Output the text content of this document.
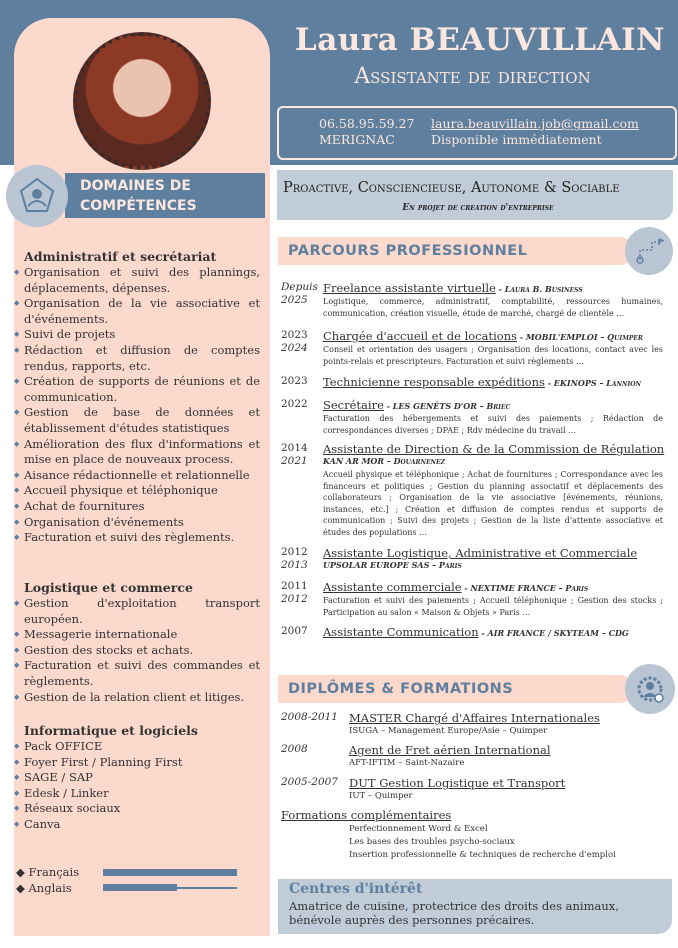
Laura BEAUVILLAIN
Assistante de direction
06.58.95.59.27
MERIGNAC
laura.beauvillain.job@gmail.com
Disponible immédiatement
DOMAINES DE
COMPÉTENCES
Administratif et secrétariat
◆ Organisation et suivi des plannings, déplacements, dépenses.
◆ Organisation de la vie associative et d'événements.
◆ Suivi de projets
◆ Rédaction et diffusion de comptes rendus, rapports, etc.
◆ Création de supports de réunions et de communication.
◆ Gestion de base de données et établissement d'études statistiques
◆ Amélioration des flux d'informations et mise en place de nouveaux process.
◆ Aisance rédactionnelle et relationnelle
◆ Accueil physique et téléphonique
◆ Achat de fournitures
◆ Organisation d'événements
◆ Facturation et suivi des règlements.
Logistique et commerce
◆ Gestion d'exploitation transport européen.
◆ Messagerie internationale
◆ Gestion des stocks et achats.
◆ Facturation et suivi des commandes et règlements.
◆ Gestion de la relation client et litiges.
Informatique et logiciels
◆ Pack OFFICE
◆ Foyer First / Planning First
◆ SAGE / SAP
◆ Edesk / Linker
◆ Réseaux sociaux
◆ Canva
◆ Français
◆ Anglais
Proactive, Consciencieuse, Autonome & Sociable
En projet de creation d'entreprise
PARCOURS PROFESSIONNEL
Depuis
2025
Freelance assistante virtuelle - Laura B. Business
Logistique, commerce, administratif, comptabilité, ressources humaines, communication, création visuelle, étude de marché, chargé de clientèle …
2023
2024
Chargée d'accueil et de locations - MOBIL'EMPLOI – Quimper
Conseil et orientation des usagers ; Organisation des locations, contact avec les points-relais et prescripteurs. Facturation et suivi règlements …
2023 Technicienne responsable expéditions - EKINOPS – Lannion
2022 Secrétaire - LES GENÊTS D'OR – Briec
Facturation des hébergements et suivi des paiements ; Rédaction de correspondances diverses ; DPAE ; Rdv médecine du travail …
2014
2021
Assistante de Direction & de la Commission de Régulation
KAN AR MOR – Douarnenez
Accueil physique et téléphonique ; Achat de fournitures ; Correspondance avec les financeurs et politiques ; Gestion du planning associatif et déplacements des collaborateurs ; Organisation de la vie associative [événements, réunions, instances, etc.] ; Création et diffusion de comptes rendus et supports de communication ; Suivi des projets ; Gestion de la liste d'attente associative et études des populations …
2012
2013
Assistante Logistique, Administrative et Commerciale
UPSOLAR EUROPE SAS – Paris
2011
2012
Assistante commerciale - NEXTIME FRANCE – Paris
Facturation et suivi des paiements ; Accueil téléphonique ; Gestion des stocks ; Participation au salon « Maison & Objets » Paris …
2007 Assistante Communication - AIR FRANCE / SKYTEAM – CDG
DIPLÔMES & FORMATIONS
2008-2011 MASTER Chargé d'Affaires Internationales
ISUGA – Management Europe/Asie – Quimper
2008	Agent de Fret aérien International
AFT-IFTIM – Saint-Nazaire
2005-2007 DUT Gestion Logistique et Transport
IUT – Quimper
Formations complémentaires
Perfectionnement Word & Excel
Les bases des troubles psycho-sociaux
Insertion professionnelle & techniques de recherche d'emploi
Centres d'intérêt
Amatrice de cuisine, protectrice des droits des animaux, bénévole auprès des personnes précaires.
